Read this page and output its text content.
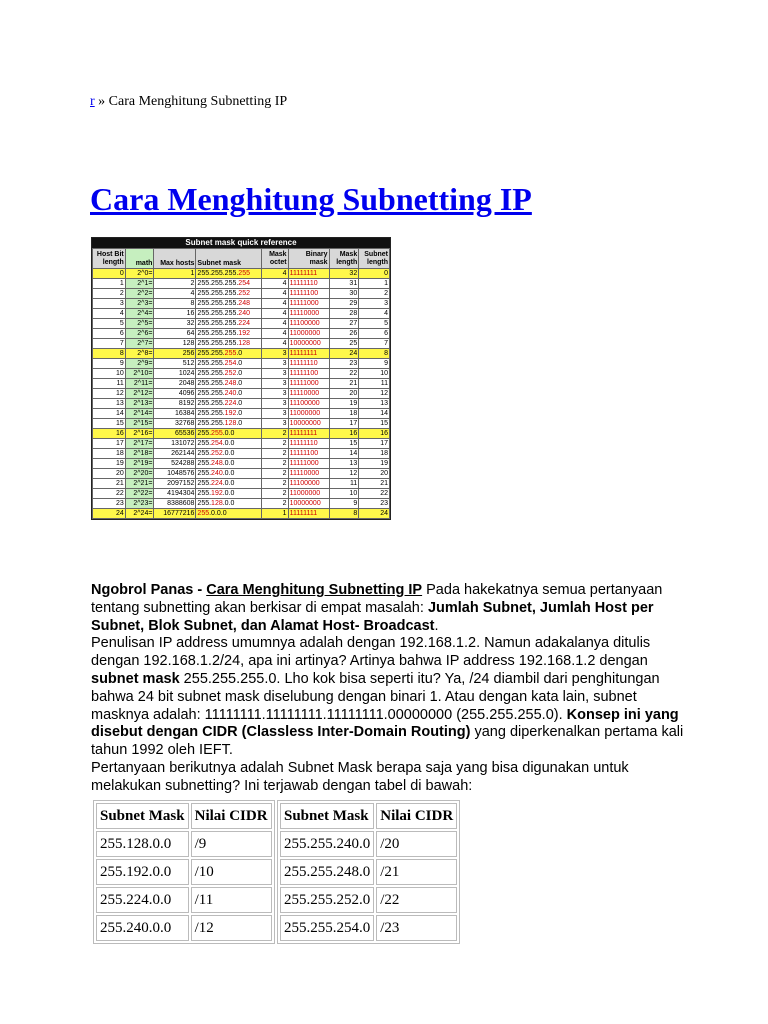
r » Cara Menghitung Subnetting IP
Cara Menghitung Subnetting IP
Subnet mask quick reference
Host Bit length	math	Max hosts	Subnet mask	Mask octet	Binary mask	Mask length	Subnet length
0	2^0=	1	255.255.255.255	4	11111111	32	0
1	2^1=	2	255.255.255.254	4	11111110	31	1
2	2^2=	4	255.255.255.252	4	11111100	30	2
3	2^3=	8	255.255.255.248	4	11111000	29	3
4	2^4=	16	255.255.255.240	4	11110000	28	4
5	2^5=	32	255.255.255.224	4	11100000	27	5
6	2^6=	64	255.255.255.192	4	11000000	26	6
7	2^7=	128	255.255.255.128	4	10000000	25	7
8	2^8=	256	255.255.255.0	3	11111111	24	8
9	2^9=	512	255.255.254.0	3	11111110	23	9
10	2^10=	1024	255.255.252.0	3	11111100	22	10
11	2^11=	2048	255.255.248.0	3	11111000	21	11
12	2^12=	4096	255.255.240.0	3	11110000	20	12
13	2^13=	8192	255.255.224.0	3	11100000	19	13
14	2^14=	16384	255.255.192.0	3	11000000	18	14
15	2^15=	32768	255.255.128.0	3	10000000	17	15
16	2^16=	65536	255.255.0.0	2	11111111	16	16
17	2^17=	131072	255.254.0.0	2	11111110	15	17
18	2^18=	262144	255.252.0.0	2	11111100	14	18
19	2^19=	524288	255.248.0.0	2	11111000	13	19
20	2^20=	1048576	255.240.0.0	2	11110000	12	20
21	2^21=	2097152	255.224.0.0	2	11100000	11	21
22	2^22=	4194304	255.192.0.0	2	11000000	10	22
23	2^23=	8388608	255.128.0.0	2	10000000	9	23
24	2^24=	16777216	255.0.0.0	1	11111111	8	24

Ngobrol Panas - Cara Menghitung Subnetting IP Pada hakekatnya semua pertanyaan tentang subnetting akan berkisar di empat masalah: Jumlah Subnet, Jumlah Host per Subnet, Blok Subnet, dan Alamat Host- Broadcast.

Penulisan IP address umumnya adalah dengan 192.168.1.2. Namun adakalanya ditulis dengan 192.168.1.2/24, apa ini artinya? Artinya bahwa IP address 192.168.1.2 dengan subnet mask 255.255.255.0. Lho kok bisa seperti itu? Ya, /24 diambil dari penghitungan bahwa 24 bit subnet mask diselubung dengan binari 1. Atau dengan kata lain, subnet masknya adalah: 11111111.11111111.11111111.00000000 (255.255.255.0). Konsep ini yang disebut dengan CIDR (Classless Inter-Domain Routing) yang diperkenalkan pertama kali tahun 1992 oleh IEFT.

Pertanyaan berikutnya adalah Subnet Mask berapa saja yang bisa digunakan untuk melakukan subnetting? Ini terjawab dengan tabel di bawah:

Subnet Mask	Nilai CIDR
255.128.0.0	/9
255.192.0.0	/10
255.224.0.0	/11
255.240.0.0	/12
Subnet Mask	Nilai CIDR
255.255.240.0	/20
255.255.248.0	/21
255.255.252.0	/22
255.255.254.0	/23
